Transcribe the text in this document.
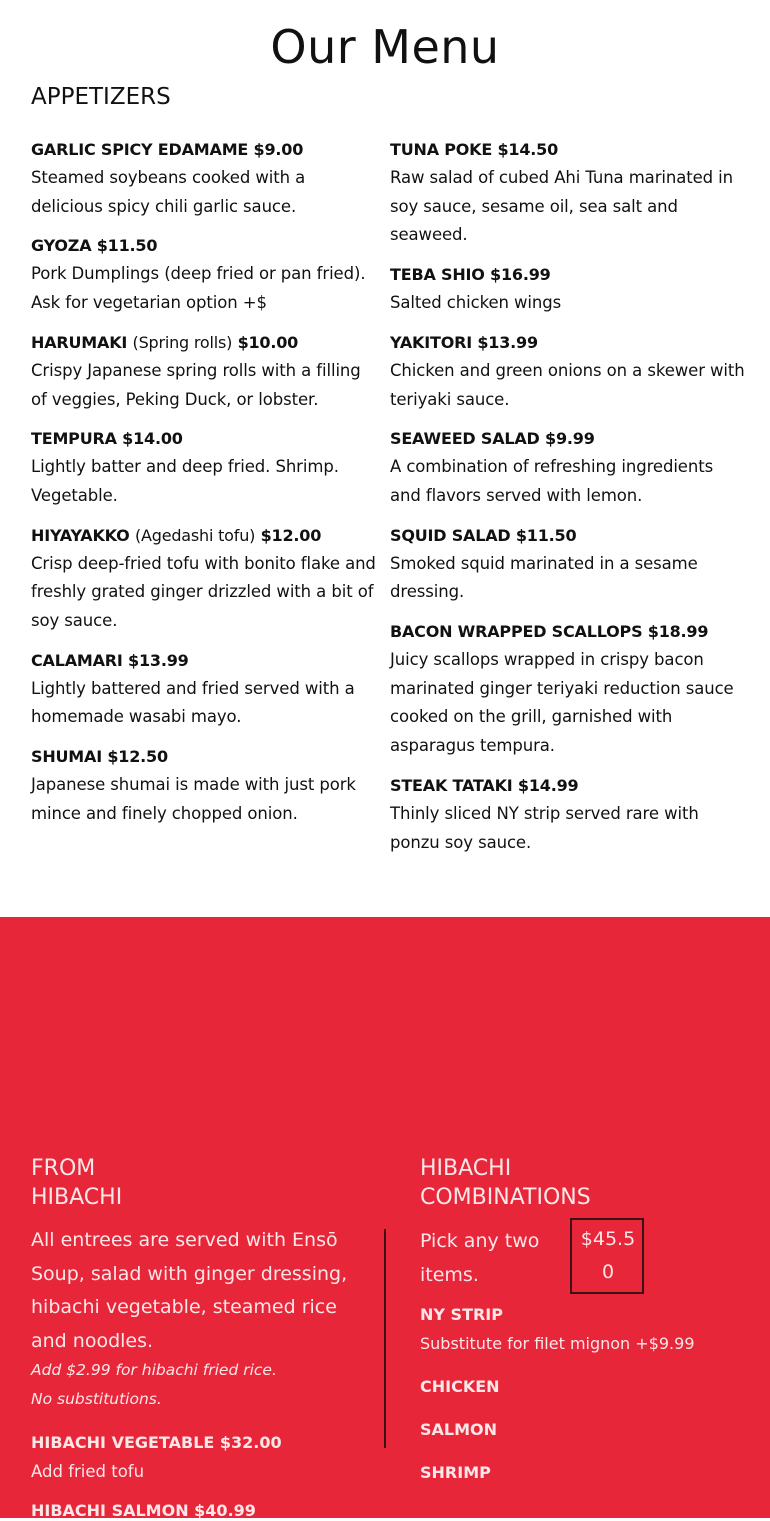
Our Menu
APPETIZERS
GARLIC SPICY EDAMAME $9.00
Steamed soybeans cooked with a delicious spicy chili garlic sauce.
GYOZA $11.50
Pork Dumplings (deep fried or pan fried). Ask for vegetarian option +$
HARUMAKI (Spring rolls) $10.00
Crispy Japanese spring rolls with a filling of veggies, Peking Duck, or lobster.
TEMPURA $14.00
Lightly batter and deep fried. Shrimp. Vegetable.
HIYAYAKKO (Agedashi tofu) $12.00
Crisp deep-fried tofu with bonito flake and freshly grated ginger drizzled with a bit of soy sauce.
CALAMARI $13.99
Lightly battered and fried served with a homemade wasabi mayo.
SHUMAI $12.50
Japanese shumai is made with just pork mince and finely chopped onion.
TUNA POKE $14.50
Raw salad of cubed Ahi Tuna marinated in soy sauce, sesame oil, sea salt and seaweed.
TEBA SHIO $16.99
Salted chicken wings
YAKITORI $13.99
Chicken and green onions on a skewer with teriyaki sauce.
SEAWEED SALAD $9.99
A combination of refreshing ingredients and flavors served with lemon.
SQUID SALAD $11.50
Smoked squid marinated in a sesame dressing.
BACON WRAPPED SCALLOPS $18.99
Juicy scallops wrapped in crispy bacon marinated ginger teriyaki reduction sauce cooked on the grill, garnished with asparagus tempura.
STEAK TATAKI $14.99
Thinly sliced NY strip served rare with ponzu soy sauce.
FROM
HIBACHI
All entrees are served with Ensō Soup, salad with ginger dressing, hibachi vegetable, steamed rice and noodles.
Add $2.99 for hibachi fried rice.
No substitutions.
HIBACHI VEGETABLE $32.00
Add fried tofu
HIBACHI SALMON $40.99
HIBACHI
COMBINATIONS
Pick any two items.
$45.50
NY STRIP
Substitute for filet mignon +$9.99
CHICKEN
SALMON
SHRIMP
